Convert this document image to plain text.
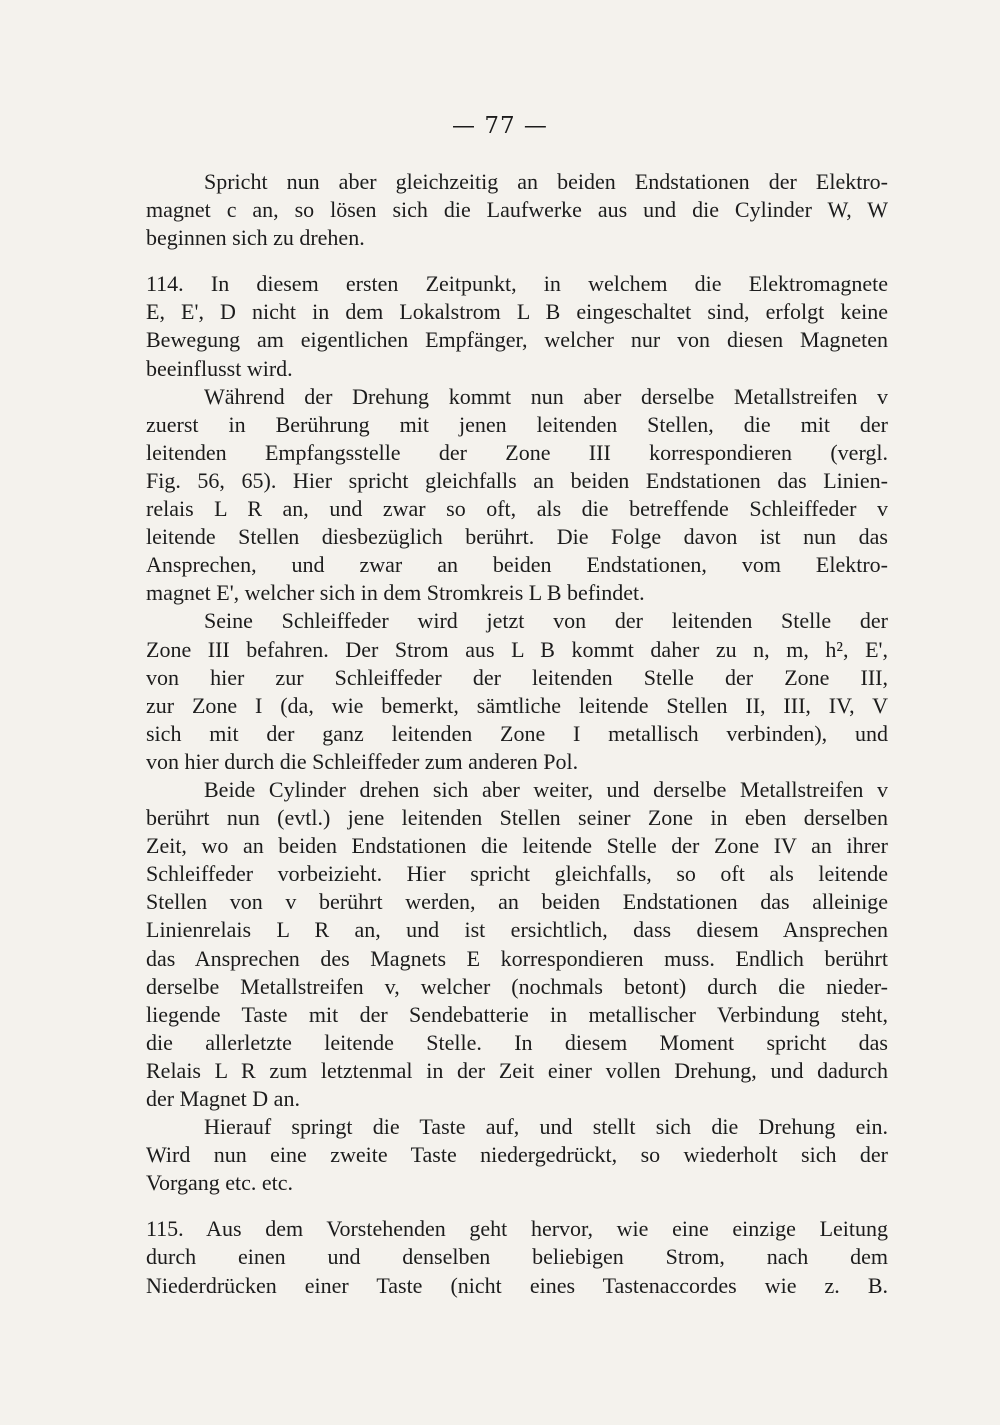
— 77 —
Spricht nun aber gleichzeitig an beiden Endstationen der Elektro-
magnet c an, so lösen sich die Laufwerke aus und die Cylinder W, W
beginnen sich zu drehen.
114. In diesem ersten Zeitpunkt, in welchem die Elektromagnete
E, E', D nicht in dem Lokalstrom L B eingeschaltet sind, erfolgt keine
Bewegung am eigentlichen Empfänger, welcher nur von diesen Magneten
beeinflusst wird.
Während der Drehung kommt nun aber derselbe Metallstreifen v
zuerst in Berührung mit jenen leitenden Stellen, die mit der
leitenden Empfangsstelle der Zone III korrespondieren (vergl.
Fig. 56, 65). Hier spricht gleichfalls an beiden Endstationen das Linien-
relais L R an, und zwar so oft, als die betreffende Schleiffeder v
leitende Stellen diesbezüglich berührt. Die Folge davon ist nun das
Ansprechen, und zwar an beiden Endstationen, vom Elektro-
magnet E', welcher sich in dem Stromkreis L B befindet.
Seine Schleiffeder wird jetzt von der leitenden Stelle der
Zone III befahren. Der Strom aus L B kommt daher zu n, m, h², E',
von hier zur Schleiffeder der leitenden Stelle der Zone III,
zur Zone I (da, wie bemerkt, sämtliche leitende Stellen II, III, IV, V
sich mit der ganz leitenden Zone I metallisch verbinden), und
von hier durch die Schleiffeder zum anderen Pol.
Beide Cylinder drehen sich aber weiter, und derselbe Metallstreifen v
berührt nun (evtl.) jene leitenden Stellen seiner Zone in eben derselben
Zeit, wo an beiden Endstationen die leitende Stelle der Zone IV an ihrer
Schleiffeder vorbeizieht. Hier spricht gleichfalls, so oft als leitende
Stellen von v berührt werden, an beiden Endstationen das alleinige
Linienrelais L R an, und ist ersichtlich, dass diesem Ansprechen
das Ansprechen des Magnets E korrespondieren muss. Endlich berührt
derselbe Metallstreifen v, welcher (nochmals betont) durch die nieder-
liegende Taste mit der Sendebatterie in metallischer Verbindung steht,
die allerletzte leitende Stelle. In diesem Moment spricht das
Relais L R zum letztenmal in der Zeit einer vollen Drehung, und dadurch
der Magnet D an.
Hierauf springt die Taste auf, und stellt sich die Drehung ein.
Wird nun eine zweite Taste niedergedrückt, so wiederholt sich der
Vorgang etc. etc.
115. Aus dem Vorstehenden geht hervor, wie eine einzige Leitung
durch einen und denselben beliebigen Strom, nach dem
Niederdrücken einer Taste (nicht eines Tastenaccordes wie z. B.
